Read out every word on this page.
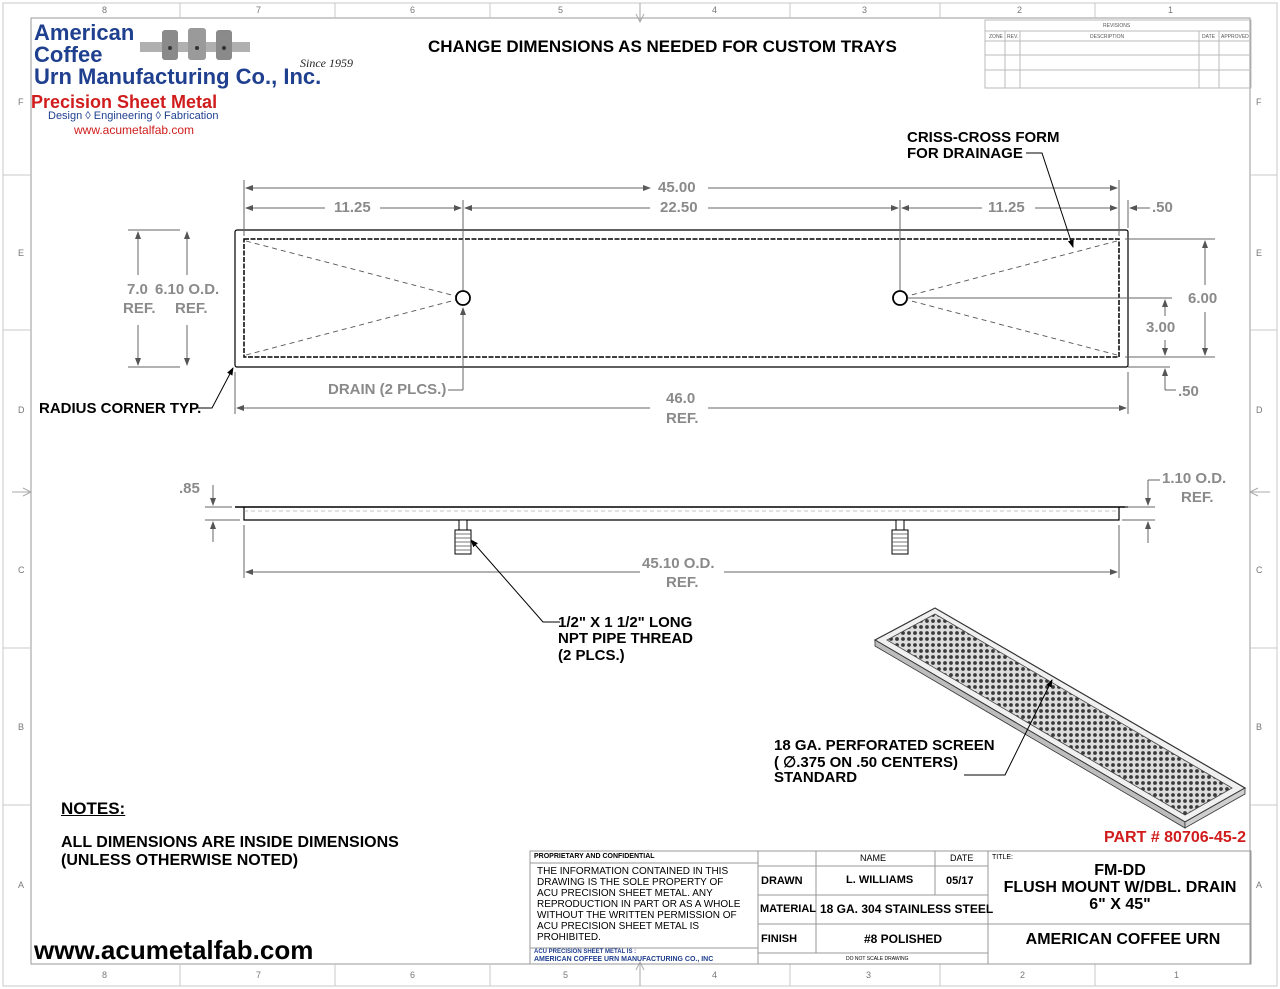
8	7	6	5	4	3	2	1
8	7	6	5	4	3	2	1
F
E
D
C
B
A
F
E
D
C
B
A
American
Coffee
Urn Manufacturing Co., Inc.
Since 1959
Precision Sheet Metal
Design ◊ Engineering ◊ Fabrication
www.acumetalfab.com
CHANGE DIMENSIONS AS NEEDED FOR CUSTOM TRAYS
REVISIONS
ZONE REV.	DESCRIPTION	DATE APPROVED
45.00
22.50
11.25	11.25	.50
7.0
REF.
6.10 O.D.
REF.
6.00
3.00
.50
46.0
REF.
DRAIN (2 PLCS.)
CRISS-CROSS FORM
FOR DRAINAGE
RADIUS CORNER TYP.
.85
1.10 O.D.
REF.
45.10 O.D.
REF.
1/2" X 1 1/2" LONG
NPT PIPE THREAD
(2 PLCS.)
18 GA. PERFORATED SCREEN
( ∅.375 ON .50 CENTERS)
STANDARD
NOTES:
ALL DIMENSIONS ARE INSIDE DIMENSIONS
(UNLESS OTHERWISE NOTED)
www.acumetalfab.com
PART # 80706-45-2
PROPRIETARY AND CONFIDENTIAL
THE INFORMATION CONTAINED IN THIS
DRAWING IS THE SOLE PROPERTY OF
ACU PRECISION SHEET METAL. ANY
REPRODUCTION IN PART OR AS A WHOLE
WITHOUT THE WRITTEN PERMISSION OF
ACU PRECISION SHEET METAL IS
PROHIBITED.
ACU PRECISION SHEET METAL IS :
AMERICAN COFFEE URN MANUFACTURING CO., INC
NAME	DATE
DRAWN	L. WILLIAMS	05/17
MATERIAL 18 GA. 304 STAINLESS STEEL
FINISH	#8 POLISHED
DO NOT SCALE DRAWING
TITLE:
FM-DD
FLUSH MOUNT W/DBL. DRAIN
6" X 45"
AMERICAN COFFEE URN
